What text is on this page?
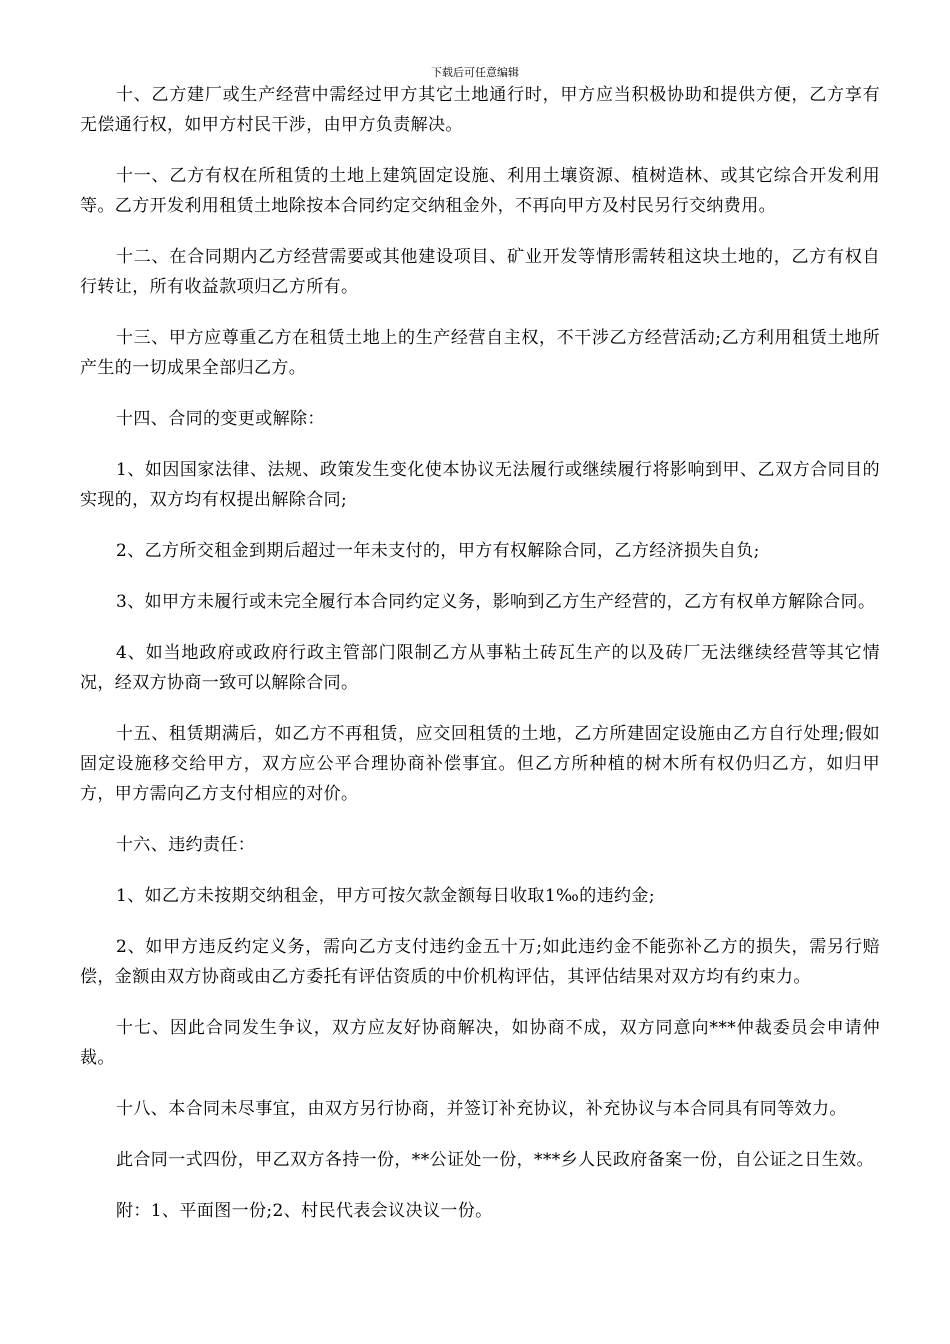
下载后可任意编辑

十、乙方建厂或生产经营中需经过甲方其它土地通行时，甲方应当积极协助和提供方便，乙方享有无偿通行权，如甲方村民干涉，由甲方负责解决。

十一、乙方有权在所租赁的土地上建筑固定设施、利用土壤资源、植树造林、或其它综合开发利用等。乙方开发利用租赁土地除按本合同约定交纳租金外，不再向甲方及村民另行交纳费用。

十二、在合同期内乙方经营需要或其他建设项目、矿业开发等情形需转租这块土地的，乙方有权自行转让，所有收益款项归乙方所有。

十三、甲方应尊重乙方在租赁土地上的生产经营自主权，不干涉乙方经营活动;乙方利用租赁土地所产生的一切成果全部归乙方。

十四、合同的变更或解除：

1、如因国家法律、法规、政策发生变化使本协议无法履行或继续履行将影响到甲、乙双方合同目的实现的，双方均有权提出解除合同;

2、乙方所交租金到期后超过一年未支付的，甲方有权解除合同，乙方经济损失自负;

3、如甲方未履行或未完全履行本合同约定义务，影响到乙方生产经营的，乙方有权单方解除合同。

4、如当地政府或政府行政主管部门限制乙方从事粘土砖瓦生产的以及砖厂无法继续经营等其它情况，经双方协商一致可以解除合同。

十五、租赁期满后，如乙方不再租赁，应交回租赁的土地，乙方所建固定设施由乙方自行处理;假如固定设施移交给甲方，双方应公平合理协商补偿事宜。但乙方所种植的树木所有权仍归乙方，如归甲方，甲方需向乙方支付相应的对价。

十六、违约责任：

1、如乙方未按期交纳租金，甲方可按欠款金额每日收取1‰的违约金;

2、如甲方违反约定义务，需向乙方支付违约金五十万;如此违约金不能弥补乙方的损失，需另行赔偿，金额由双方协商或由乙方委托有评估资质的中价机构评估，其评估结果对双方均有约束力。

十七、因此合同发生争议，双方应友好协商解决，如协商不成，双方同意向***仲裁委员会申请仲裁。

十八、本合同未尽事宜，由双方另行协商，并签订补充协议，补充协议与本合同具有同等效力。

此合同一式四份，甲乙双方各持一份，**公证处一份，***乡人民政府备案一份，自公证之日生效。

附：1、平面图一份;2、村民代表会议决议一份。
